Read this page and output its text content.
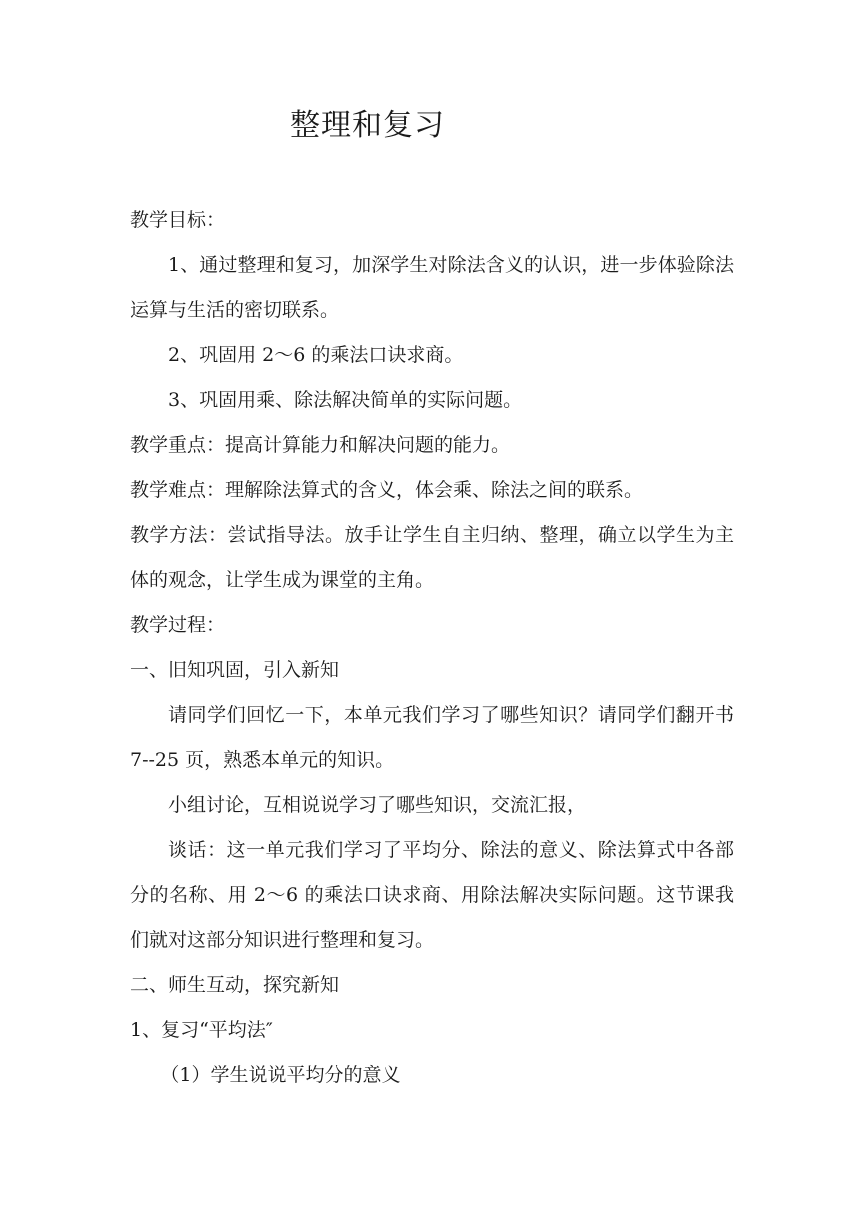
整理和复习

教学目标：

1、通过整理和复习，加深学生对除法含义的认识，进一步体验除法运算与生活的密切联系。

2、巩固用 2～6 的乘法口诀求商。

3、巩固用乘、除法解决简单的实际问题。

教学重点：提高计算能力和解决问题的能力。

教学难点：理解除法算式的含义，体会乘、除法之间的联系。

教学方法：尝试指导法。放手让学生自主归纳、整理，确立以学生为主体的观念，让学生成为课堂的主角。

教学过程：

一、旧知巩固，引入新知

请同学们回忆一下，本单元我们学习了哪些知识？请同学们翻开书 7--25 页，熟悉本单元的知识。

小组讨论，互相说说学习了哪些知识，交流汇报，

谈话：这一单元我们学习了平均分、除法的意义、除法算式中各部分的名称、用 2～6 的乘法口诀求商、用除法解决实际问题。这节课我们就对这部分知识进行整理和复习。

二、师生互动，探究新知

1、复习“平均法″

（1）学生说说平均分的意义
